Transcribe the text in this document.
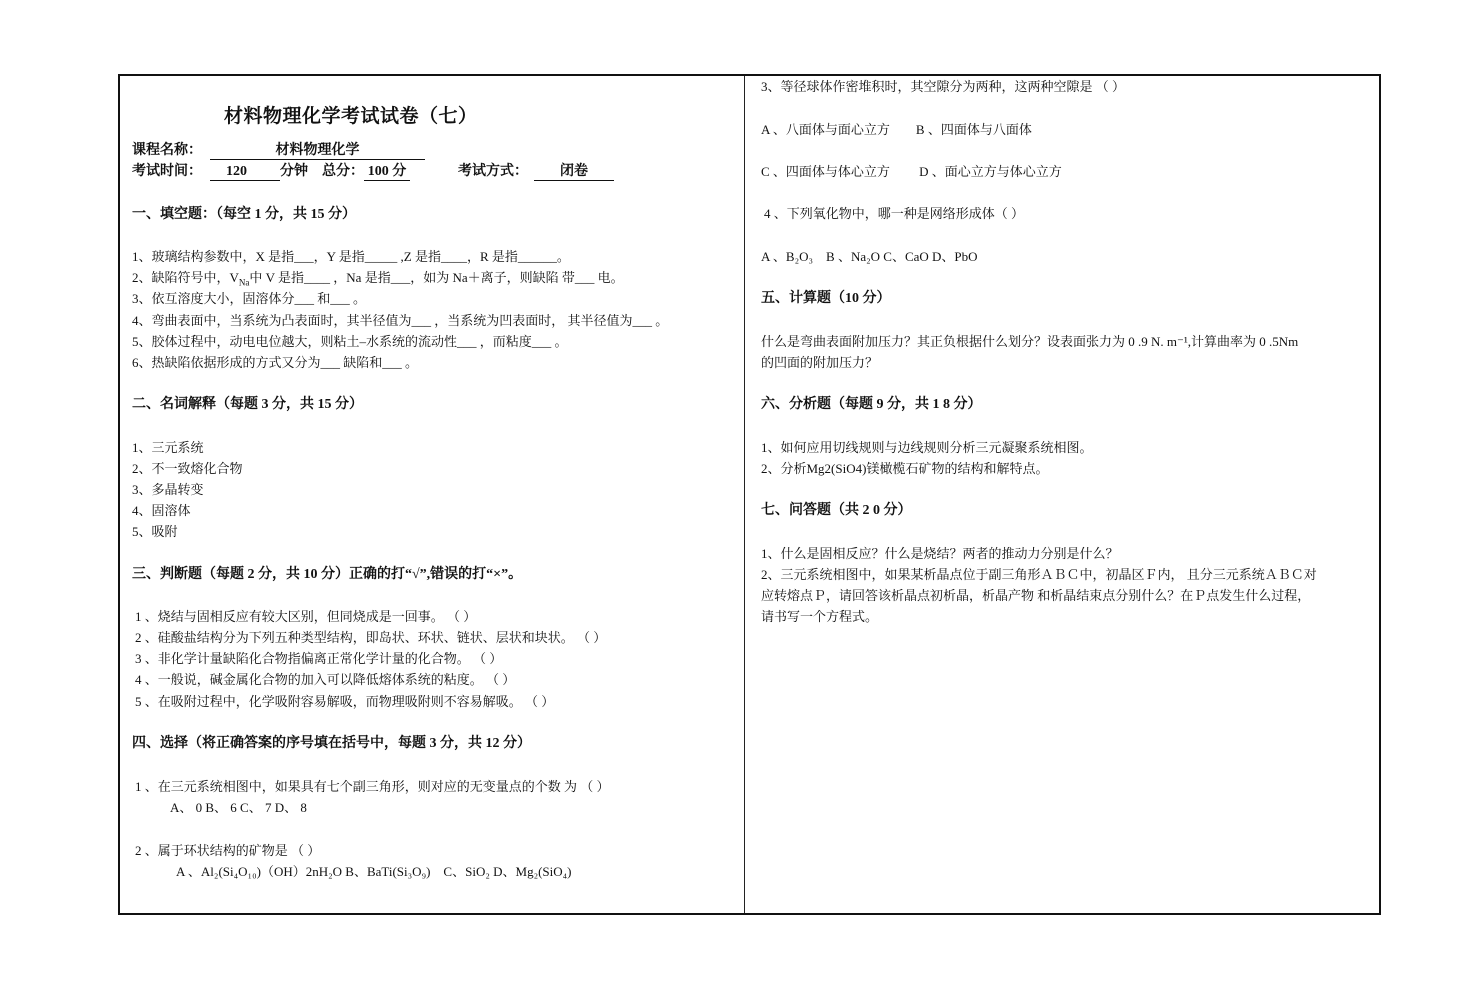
材料物理化学考试试卷（七）
课程名称：	材料物理化学
考试时间： 120 分钟 总分： 100 分	考试方式： 闭卷
一、填空题：（每空 1 分，共 15 分）
1、玻璃结构参数中，X 是指___，Y 是指_____ ,Z 是指____，R 是指______。
2、缺陷符号中，$V_{Na}$中 V 是指____ ，Na 是指___，如为 Na＋离子，则缺陷 带___ 电。
3、依互溶度大小，固溶体分___ 和___ 。
4、弯曲表面中，当系统为凸表面时，其半径值为___ ，当系统为凹表面时， 其半径值为___ 。
5、胶体过程中，动电电位越大，则粘土–水系统的流动性___ ，而粘度___ 。
6、热缺陷依据形成的方式又分为___ 缺陷和___ 。
二、名词解释（每题 3 分，共 15 分）
1、三元系统
2、不一致熔化合物
3、多晶转变
4、固溶体
5、吸附
三、判断题（每题 2 分，共 10 分）正确的打“√”,错误的打“×”。
1 、烧结与固相反应有较大区别，但同烧成是一回事。 （ ）
2 、硅酸盐结构分为下列五种类型结构，即岛状、环状、链状、层状和块状。 （ ）
3 、非化学计量缺陷化合物指偏离正常化学计量的化合物。 （ ）
4 、一般说，碱金属化合物的加入可以降低熔体系统的粘度。 （ ）
5 、在吸附过程中，化学吸附容易解吸，而物理吸附则不容易解吸。 （ ）
四、选择（将正确答案的序号填在括号中，每题 3 分，共 12 分）
1 、在三元系统相图中，如果具有七个副三角形，则对应的无变量点的个数 为 （ ）
A、 0 B、 6 C、 7 D、 8
2 、属于环状结构的矿物是 （ ）
A 、Al₂(Si₄O₁₀)（OH）2nH₂O B、BaTi(Si₃O₉)　C、SiO₂ D、Mg₂(SiO₄)
3、等径球体作密堆积时，其空隙分为两种，这两种空隙是 （ ）
A 、八面体与面心立方　　B 、四面体与八面体
C 、四面体与体心立方　　 D 、面心立方与体心立方
4 、下列氧化物中，哪一种是网络形成体（ ）
A 、B₂O₃　B 、Na₂O C、CaO D、PbO
五、计算题（10 分）
什么是弯曲表面附加压力？其正负根据什么划分？设表面张力为 0 .9 N. m⁻¹,计算曲率为 0 .5Nm
的凹面的附加压力？
六、分析题（每题 9 分，共 1 8 分）
1、如何应用切线规则与边线规则分析三元凝聚系统相图。
2、分析Mg2(SiO4)镁橄榄石矿物的结构和解特点。
七、问答题（共 2 0 分）
1、什么是固相反应？什么是烧结？两者的推动力分别是什么？
2、三元系统相图中，如果某析晶点位于副三角形ＡＢＣ中，初晶区Ｆ内， 且分三元系统ＡＢＣ对
应转熔点Ｐ，请回答该析晶点初析晶，析晶产物 和析晶结束点分别什么？在Ｐ点发生什么过程，
请书写一个方程式。
